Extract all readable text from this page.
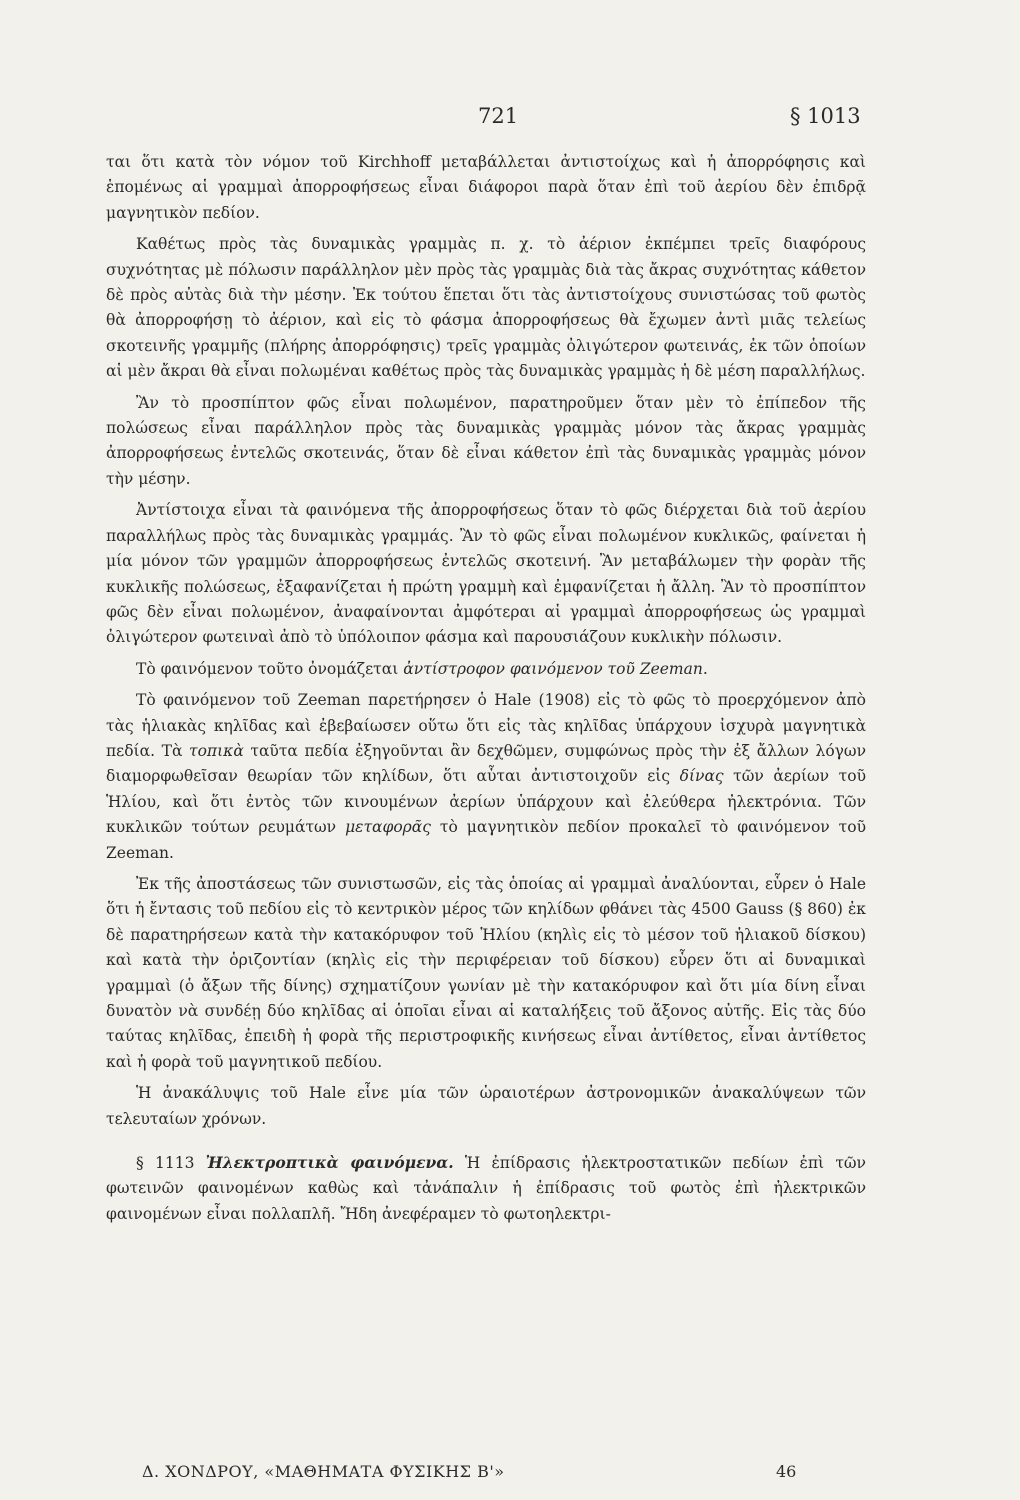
721	§ 1013

ται ὅτι κατὰ τὸν νόμον τοῦ Kirchhoff μεταβάλλεται ἀντιστοίχως καὶ ἡ ἀπορρόφησις καὶ ἑπομένως αἱ γραμμαὶ ἀπορροφήσεως εἶναι διάφοροι παρὰ ὅταν ἐπὶ τοῦ ἀερίου δὲν ἐπιδρᾷ μαγνητικὸν πεδίον.

Καθέτως πρὸς τὰς δυναμικὰς γραμμὰς π. χ. τὸ ἀέριον ἐκπέμπει τρεῖς διαφόρους συχνότητας μὲ πόλωσιν παράλληλον μὲν πρὸς τὰς γραμμὰς διὰ τὰς ἄκρας συχνότητας κάθετον δὲ πρὸς αὐτὰς διὰ τὴν μέσην. Ἐκ τούτου ἕπεται ὅτι τὰς ἀντιστοίχους συνιστώσας τοῦ φωτὸς θὰ ἀπορροφήσῃ τὸ ἀέριον, καὶ εἰς τὸ φάσμα ἀπορροφήσεως θὰ ἔχωμεν ἀντὶ μιᾶς τελείως σκοτεινῆς γραμμῆς (πλήρης ἀπορρόφησις) τρεῖς γραμμὰς ὀλιγώτερον φωτεινάς, ἐκ τῶν ὁποίων αἱ μὲν ἄκραι θὰ εἶναι πολωμέναι καθέτως πρὸς τὰς δυναμικὰς γραμμὰς ἡ δὲ μέση παραλλήλως.

Ἂν τὸ προσπίπτον φῶς εἶναι πολωμένον, παρατηροῦμεν ὅταν μὲν τὸ ἐπίπεδον τῆς πολώσεως εἶναι παράλληλον πρὸς τὰς δυναμικὰς γραμμὰς μόνον τὰς ἄκρας γραμμὰς ἀπορροφήσεως ἐντελῶς σκοτεινάς, ὅταν δὲ εἶναι κάθετον ἐπὶ τὰς δυναμικὰς γραμμὰς μόνον τὴν μέσην.

Ἀντίστοιχα εἶναι τὰ φαινόμενα τῆς ἀπορροφήσεως ὅταν τὸ φῶς διέρχεται διὰ τοῦ ἀερίου παραλλήλως πρὸς τὰς δυναμικὰς γραμμάς. Ἂν τὸ φῶς εἶναι πολωμένον κυκλικῶς, φαίνεται ἡ μία μόνον τῶν γραμμῶν ἀπορροφήσεως ἐντελῶς σκοτεινή. Ἂν μεταβάλωμεν τὴν φορὰν τῆς κυκλικῆς πολώσεως, ἐξαφανίζεται ἡ πρώτη γραμμὴ καὶ ἐμφανίζεται ἡ ἄλλη. Ἂν τὸ προσπίπτον φῶς δὲν εἶναι πολωμένον, ἀναφαίνονται ἀμφότεραι αἱ γραμμαὶ ἀπορροφήσεως ὡς γραμμαὶ ὀλιγώτερον φωτειναὶ ἀπὸ τὸ ὑπόλοιπον φάσμα καὶ παρουσιάζουν κυκλικὴν πόλωσιν.

Τὸ φαινόμενον τοῦτο ὀνομάζεται ἀντίστροφον φαινόμενον τοῦ Zeeman.

Τὸ φαινόμενον τοῦ Zeeman παρετήρησεν ὁ Hale (1908) εἰς τὸ φῶς τὸ προερχόμενον ἀπὸ τὰς ἡλιακὰς κηλῖδας καὶ ἐβεβαίωσεν οὕτω ὅτι εἰς τὰς κηλῖδας ὑπάρχουν ἰσχυρὰ μαγνητικὰ πεδία. Τὰ τοπικὰ ταῦτα πεδία ἐξηγοῦνται ἂν δεχθῶμεν, συμφώνως πρὸς τὴν ἐξ ἄλλων λόγων διαμορφωθεῖσαν θεωρίαν τῶν κηλίδων, ὅτι αὗται ἀντιστοιχοῦν εἰς δίνας τῶν ἀερίων τοῦ Ἡλίου, καὶ ὅτι ἐντὸς τῶν κινουμένων ἀερίων ὑπάρχουν καὶ ἐλεύθερα ἠλεκτρόνια. Τῶν κυκλικῶν τούτων ρευμάτων μεταφορᾶς τὸ μαγνητικὸν πεδίον προκαλεῖ τὸ φαινόμενον τοῦ Zeeman.

Ἐκ τῆς ἀποστάσεως τῶν συνιστωσῶν, εἰς τὰς ὁποίας αἱ γραμμαὶ ἀναλύονται, εὗρεν ὁ Hale ὅτι ἡ ἔντασις τοῦ πεδίου εἰς τὸ κεντρικὸν μέρος τῶν κηλίδων φθάνει τὰς 4500 Gauss (§ 860) ἐκ δὲ παρατηρήσεων κατὰ τὴν κατακόρυφον τοῦ Ἡλίου (κηλὶς εἰς τὸ μέσον τοῦ ἡλιακοῦ δίσκου) καὶ κατὰ τὴν ὁριζοντίαν (κηλὶς εἰς τὴν περιφέρειαν τοῦ δίσκου) εὗρεν ὅτι αἱ δυναμικαὶ γραμμαὶ (ὁ ἄξων τῆς δίνης) σχηματίζουν γωνίαν μὲ τὴν κατακόρυφον καὶ ὅτι μία δίνη εἶναι δυνατὸν νὰ συνδέῃ δύο κηλῖδας αἱ ὁποῖαι εἶναι αἱ καταλήξεις τοῦ ἄξονος αὐτῆς. Εἰς τὰς δύο ταύτας κηλῖδας, ἐπειδὴ ἡ φορὰ τῆς περιστροφικῆς κινήσεως εἶναι ἀντίθετος, εἶναι ἀντίθετος καὶ ἡ φορὰ τοῦ μαγνητικοῦ πεδίου.

Ἡ ἀνακάλυψις τοῦ Hale εἶνε μία τῶν ὡραιοτέρων ἀστρονομικῶν ἀνακαλύψεων τῶν τελευταίων χρόνων.

§ 1113 Ἠλεκτροπτικὰ φαινόμενα. Ἡ ἐπίδρασις ἠλεκτροστατικῶν πεδίων ἐπὶ τῶν φωτεινῶν φαινομένων καθὼς καὶ τἀνάπαλιν ἡ ἐπίδρασις τοῦ φωτὸς ἐπὶ ἠλεκτρικῶν φαινομένων εἶναι πολλαπλῆ. Ἤδη ἀνεφέραμεν τὸ φωτοηλεκτρι-

Δ. ΧΟΝΔΡΟΥ, «ΜΑΘΗΜΑΤΑ ΦΥΣΙΚΗΣ Β'»	46
